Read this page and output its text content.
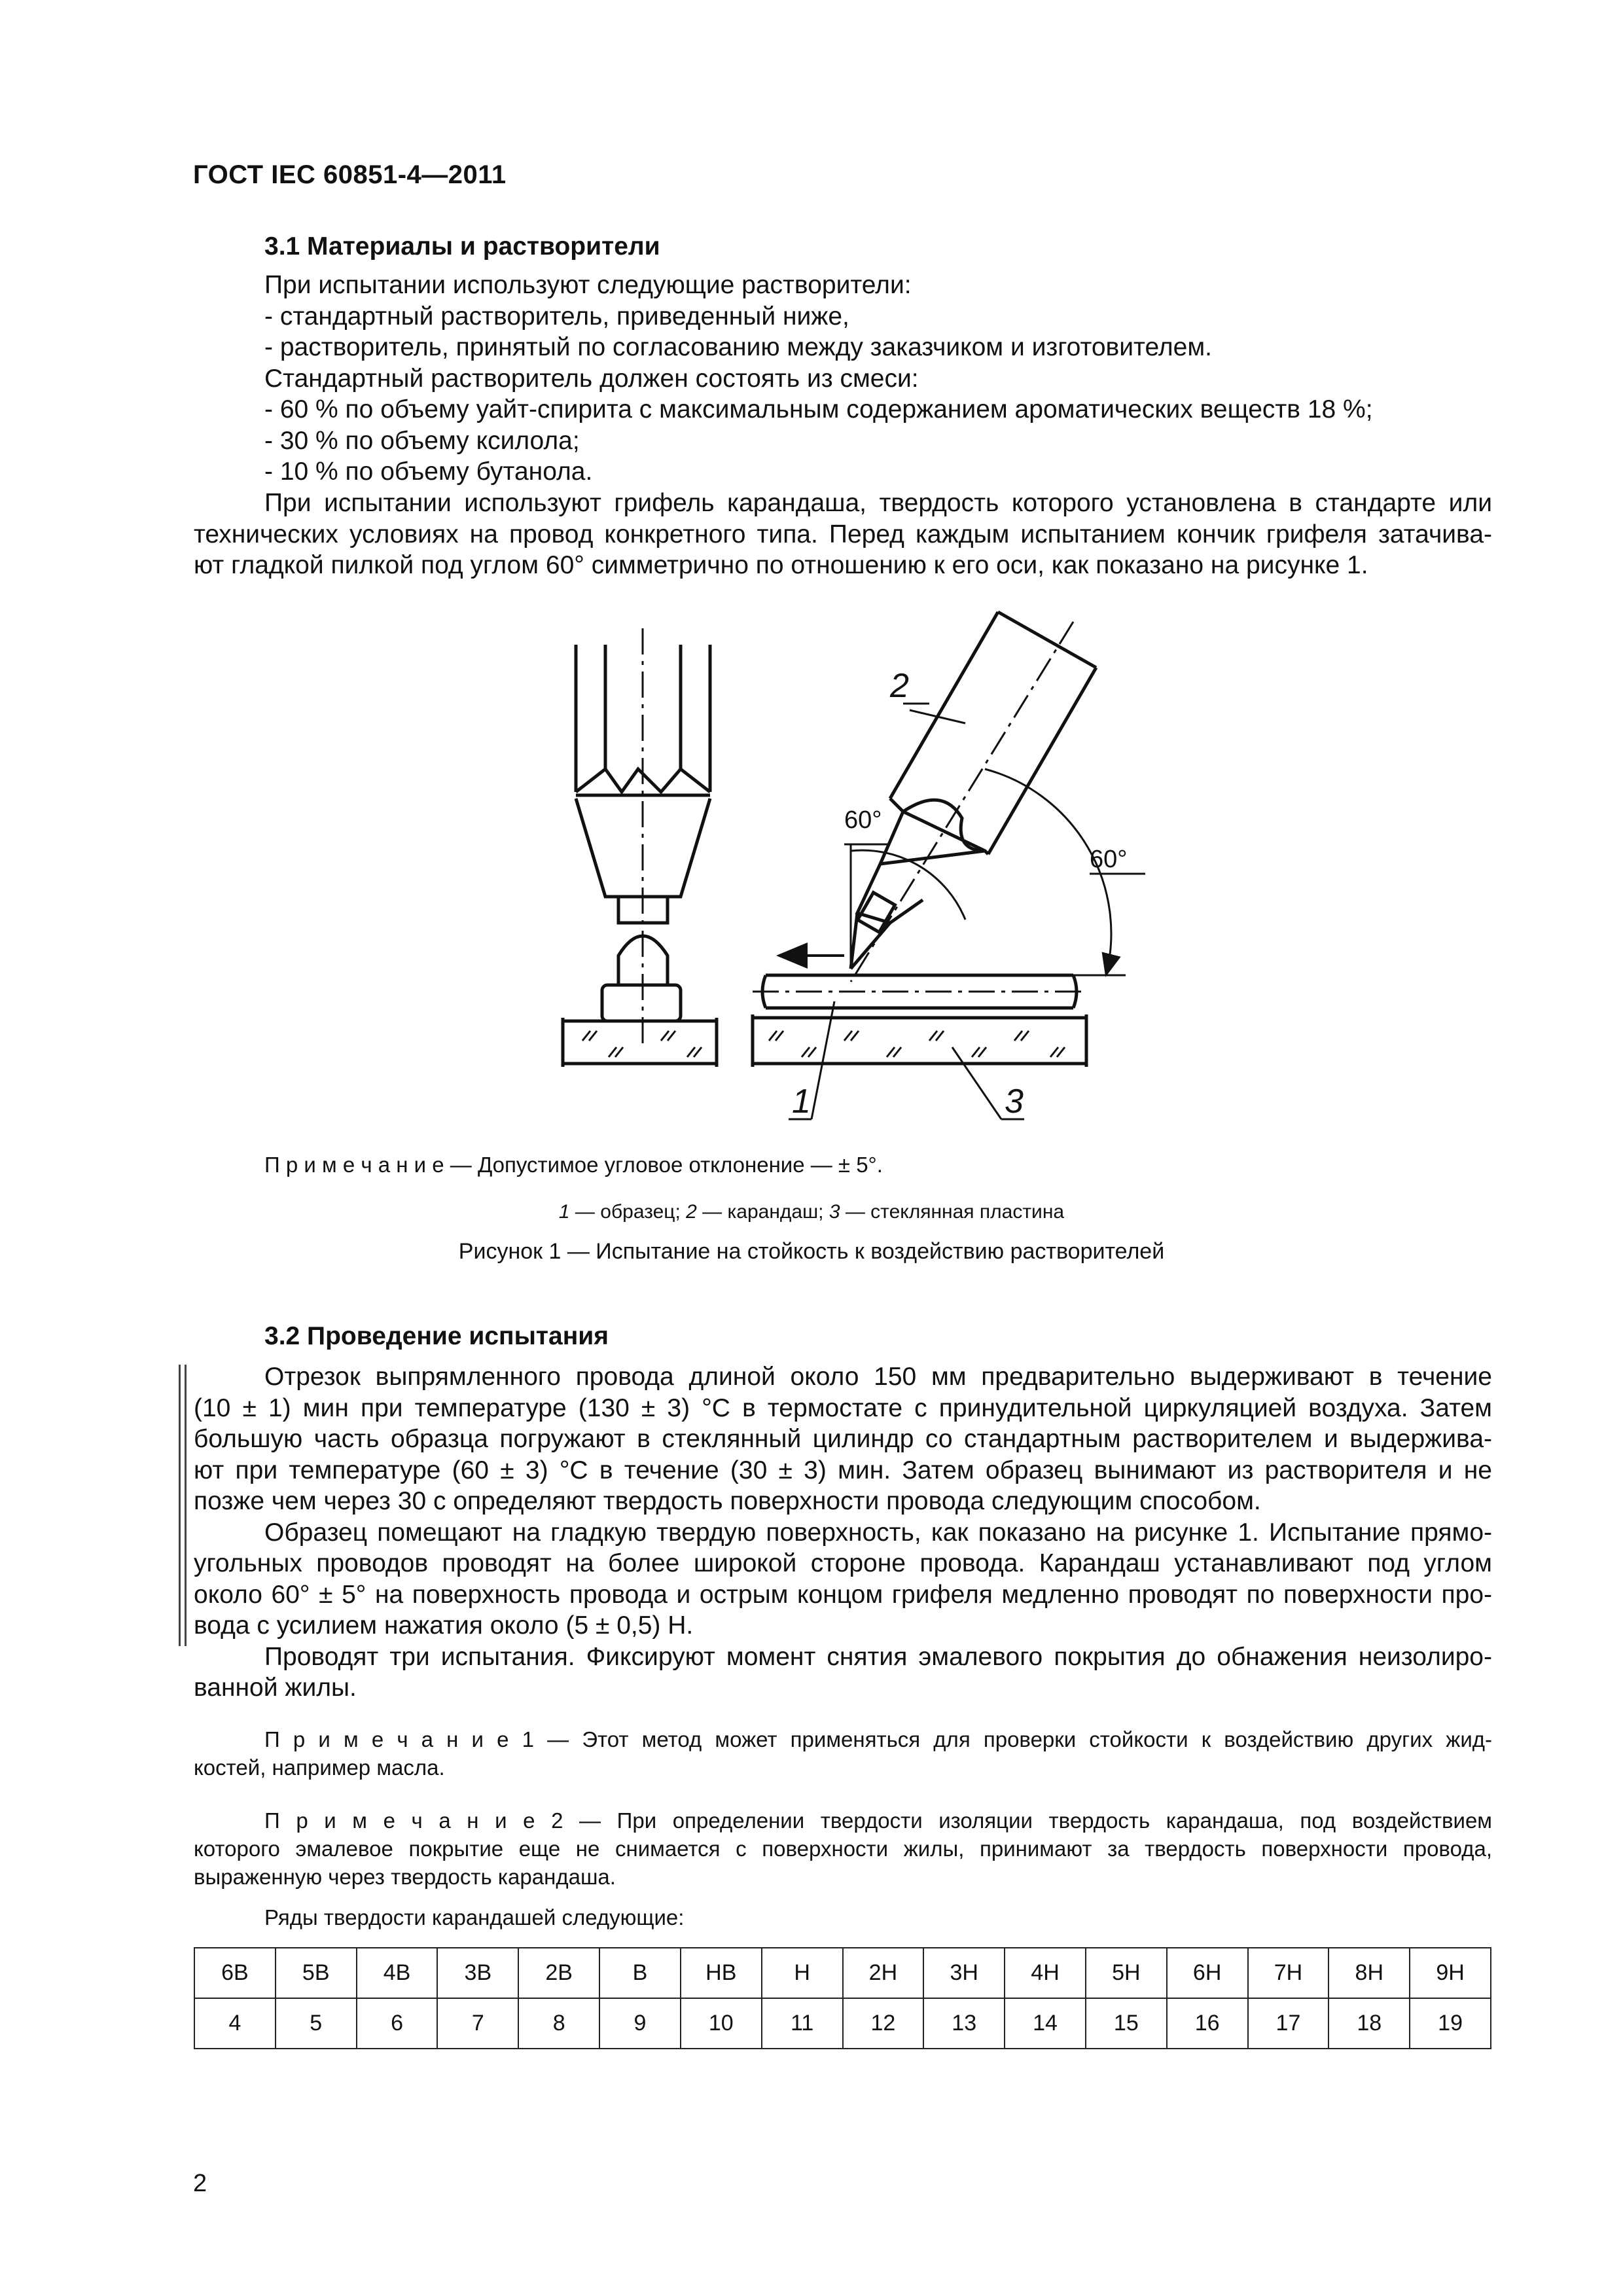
ГОСТ IEC 60851-4—2011
3.1 Материалы и растворители
При испытании используют следующие растворители:
- стандартный растворитель, приведенный ниже,
- растворитель, принятый по согласованию между заказчиком и изготовителем.
Стандартный растворитель должен состоять из смеси:
- 60 % по объему уайт-спирита с максимальным содержанием ароматических веществ 18 %;
- 30 % по объему ксилола;
- 10 % по объему бутанола.
При испытании используют грифель карандаша, твердость которого установлена в стандарте или
технических условиях на провод конкретного типа. Перед каждым испытанием кончик грифеля затачива-
ют гладкой пилкой под углом 60° симметрично по отношению к его оси, как показано на рисунке 1.
60°
60°
1
2
3
П р и м е ч а н и е — Допустимое угловое отклонение — ± 5°.
1 — образец; 2 — карандаш; 3 — стеклянная пластина
Рисунок 1 — Испытание на стойкость к воздействию растворителей
3.2 Проведение испытания
Отрезок выпрямленного провода длиной около 150 мм предварительно выдерживают в течение
(10 ± 1) мин при температуре (130 ± 3) °С в термостате с принудительной циркуляцией воздуха. Затем
большую часть образца погружают в стеклянный цилиндр со стандартным растворителем и выдержива-
ют при температуре (60 ± 3) °С в течение (30 ± 3) мин. Затем образец вынимают из растворителя и не
позже чем через 30 с определяют твердость поверхности провода следующим способом.
Образец помещают на гладкую твердую поверхность, как показано на рисунке 1. Испытание прямо-
угольных проводов проводят на более широкой стороне провода. Карандаш устанавливают под углом
около 60° ± 5° на поверхность провода и острым концом грифеля медленно проводят по поверхности про-
вода с усилием нажатия около (5 ± 0,5) Н.
Проводят три испытания. Фиксируют момент снятия эмалевого покрытия до обнажения неизолиро-
ванной жилы.
П р и м е ч а н и е 1 — Этот метод может применяться для проверки стойкости к воздействию других жид-
костей, например масла.
П р и м е ч а н и е 2 — При определении твердости изоляции твердость карандаша, под воздействием
которого эмалевое покрытие еще не снимается с поверхности жилы, принимают за твердость поверхности провода,
выраженную через твердость карандаша.
Ряды твердости карандашей следующие:
6В	5В	4В	3В	2В	В	НВ	Н	2Н	3Н	4Н	5Н	6Н	7Н	8Н	9Н
4	5	6	7	8	9	10	11	12	13	14	15	16	17	18	19
2
